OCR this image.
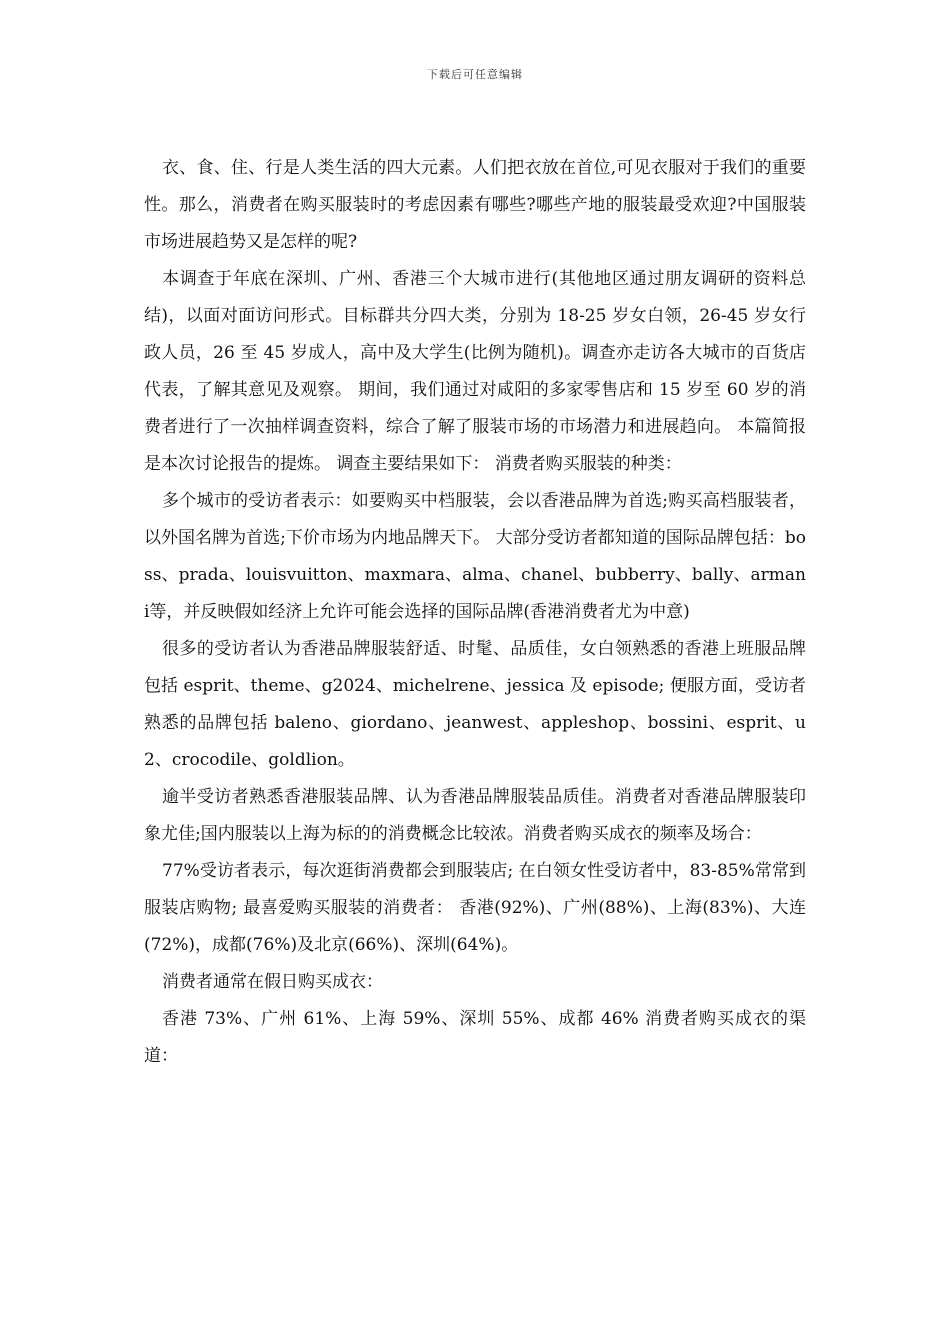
下载后可任意编辑

衣、食、住、行是人类生活的四大元素。人们把衣放在首位,可见衣服对于我们的重要性。那么，消费者在购买服装时的考虑因素有哪些?哪些产地的服装最受欢迎?中国服装市场进展趋势又是怎样的呢?

本调查于年底在深圳、广州、香港三个大城市进行(其他地区通过朋友调研的资料总结)，以面对面访问形式。目标群共分四大类，分别为 18-25 岁女白领，26-45 岁女行政人员，26 至 45 岁成人，高中及大学生(比例为随机)。调查亦走访各大城市的百货店代表，了解其意见及观察。 期间，我们通过对咸阳的多家零售店和 15 岁至 60 岁的消费者进行了一次抽样调查资料，综合了解了服装市场的市场潜力和进展趋向。 本篇简报是本次讨论报告的提炼。 调查主要结果如下： 消费者购买服装的种类：

多个城市的受访者表示：如要购买中档服装，会以香港品牌为首选;购买高档服装者，以外国名牌为首选;下价市场为内地品牌天下。 大部分受访者都知道的国际品牌包括：boss、prada、louisvuitton、maxmara、alma、chanel、bubberry、bally、armani等，并反映假如经济上允许可能会选择的国际品牌(香港消费者尤为中意)

很多的受访者认为香港品牌服装舒适、时髦、品质佳，女白领熟悉的香港上班服品牌包括 esprit、theme、g2024、michelrene、jessica 及 episode; 便服方面，受访者熟悉的品牌包括 baleno、giordano、jeanwest、appleshop、bossini、esprit、u2、crocodile、goldlion。

逾半受访者熟悉香港服装品牌、认为香港品牌服装品质佳。消费者对香港品牌服装印象尤佳;国内服装以上海为标的的消费概念比较浓。消费者购买成衣的频率及场合：

77%受访者表示，每次逛街消费都会到服装店; 在白领女性受访者中，83-85%常常到服装店购物; 最喜爱购买服装的消费者： 香港(92%)、广州(88%)、上海(83%)、大连(72%)，成都(76%)及北京(66%)、深圳(64%)。

消费者通常在假日购买成衣：

香港 73%、广州 61%、上海 59%、深圳 55%、成都 46% 消费者购买成衣的渠道：
